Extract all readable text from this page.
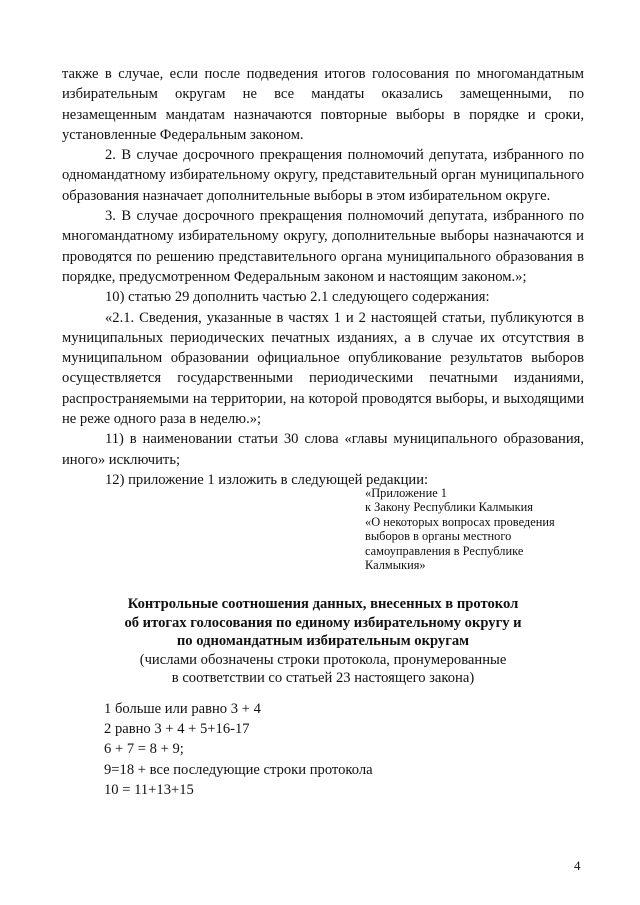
также в случае, если после подведения итогов голосования по многомандатным избирательным округам не все мандаты оказались замещенными, по незамещенным мандатам назначаются повторные выборы в порядке и сроки, установленные Федеральным законом.

2. В случае досрочного прекращения полномочий депутата, избранного по одномандатному избирательному округу, представительный орган муниципального образования назначает дополнительные выборы в этом избирательном округе.

3. В случае досрочного прекращения полномочий депутата, избранного по многомандатному избирательному округу, дополнительные выборы назначаются и проводятся по решению представительного органа муниципального образования в порядке, предусмотренном Федеральным законом и настоящим законом.»;

10) статью 29 дополнить частью 2.1 следующего содержания:

«2.1. Сведения, указанные в частях 1 и 2 настоящей статьи, публикуются в муниципальных периодических печатных изданиях, а в случае их отсутствия в муниципальном образовании официальное опубликование результатов выборов осуществляется государственными периодическими печатными изданиями, распространяемыми на территории, на которой проводятся выборы, и выходящими не реже одного раза в неделю.»;

11) в наименовании статьи 30 слова «главы муниципального образования, иного» исключить;

12) приложение 1 изложить в следующей редакции:

«Приложение 1
к Закону Республики Калмыкия
«О некоторых вопросах проведения
выборов в органы местного
самоуправления в Республике
Калмыкия»
Контрольные соотношения данных, внесенных в протокол
об итогах голосования по единому избирательному округу и
по одномандатным избирательным округам
(числами обозначены строки протокола, пронумерованные
в соответствии со статьей 23 настоящего закона)
1 больше или равно 3 + 4
2 равно 3 + 4 + 5+16-17
6 + 7 = 8 + 9;
9=18 + все последующие строки протокола
10 = 11+13+15
4
